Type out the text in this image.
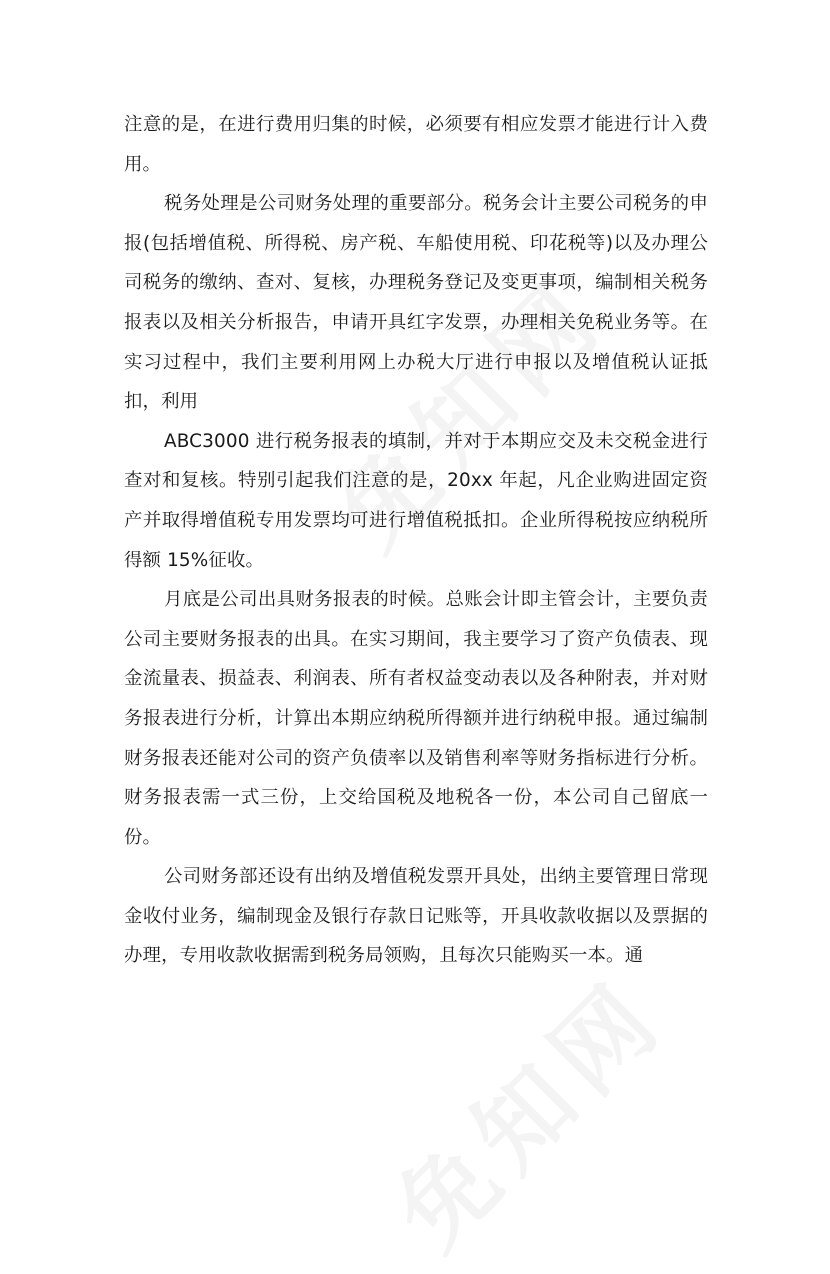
注意的是，在进行费用归集的时候，必须要有相应发票才能进行计入费用。

税务处理是公司财务处理的重要部分。税务会计主要公司税务的申报(包括增值税、所得税、房产税、车船使用税、印花税等)以及办理公司税务的缴纳、查对、复核，办理税务登记及变更事项，编制相关税务报表以及相关分析报告，申请开具红字发票，办理相关免税业务等。在实习过程中，我们主要利用网上办税大厅进行申报以及增值税认证抵扣，利用

ABC3000 进行税务报表的填制，并对于本期应交及未交税金进行查对和复核。特别引起我们注意的是，20xx 年起，凡企业购进固定资产并取得增值税专用发票均可进行增值税抵扣。企业所得税按应纳税所得额 15%征收。

月底是公司出具财务报表的时候。总账会计即主管会计，主要负责公司主要财务报表的出具。在实习期间，我主要学习了资产负债表、现金流量表、损益表、利润表、所有者权益变动表以及各种附表，并对财务报表进行分析，计算出本期应纳税所得额并进行纳税申报。通过编制财务报表还能对公司的资产负债率以及销售利率等财务指标进行分析。财务报表需一式三份，上交给国税及地税各一份，本公司自己留底一份。

公司财务部还设有出纳及增值税发票开具处，出纳主要管理日常现金收付业务，编制现金及银行存款日记账等，开具收款收据以及票据的办理，专用收款收据需到税务局领购，且每次只能购买一本。通
